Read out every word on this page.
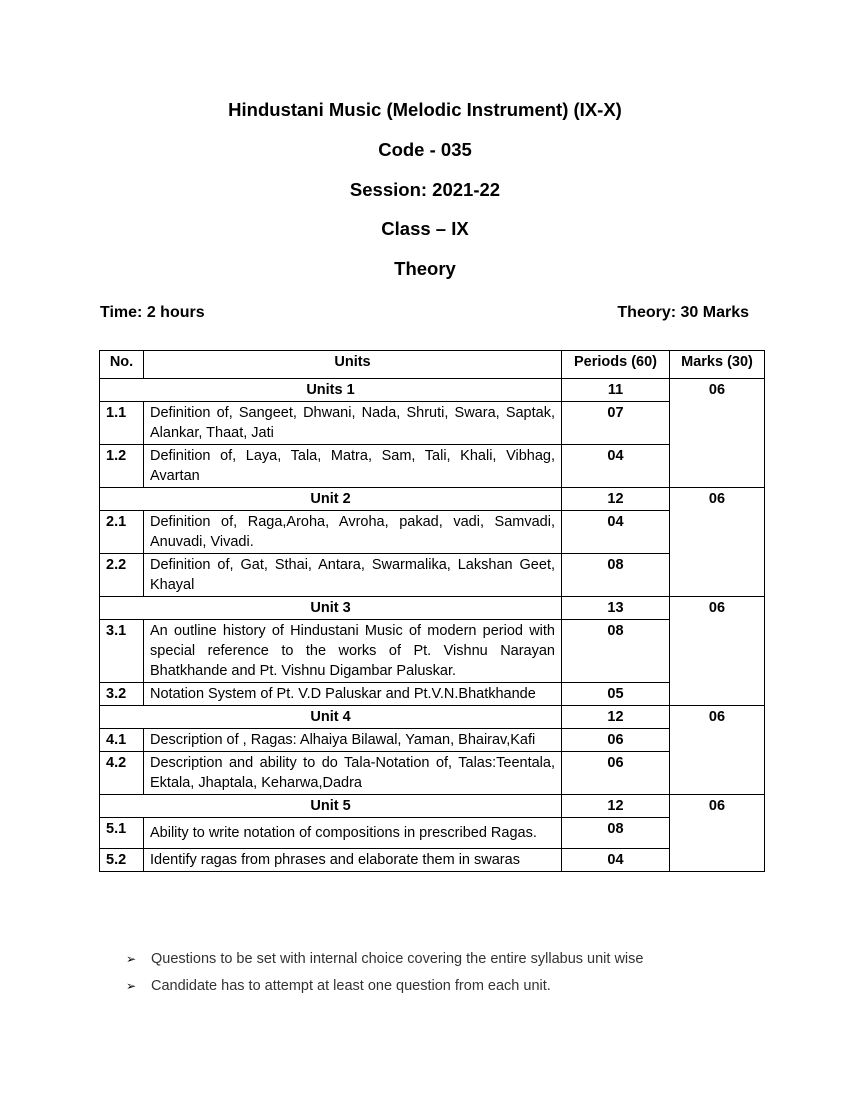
Hindustani Music (Melodic Instrument) (IX-X)
Code - 035
Session: 2021-22
Class – IX
Theory
Time: 2 hours	Theory: 30 Marks
No.	Units	Periods (60)	Marks (30)
Units 1		11	06
1.1	Definition of, Sangeet, Dhwani, Nada, Shruti, Swara, Saptak, Alankar, Thaat, Jati	07	
1.2	Definition of, Laya, Tala, Matra, Sam, Tali, Khali, Vibhag, Avartan	04	
Unit 2		12	06
2.1	Definition of, Raga,Aroha, Avroha, pakad, vadi, Samvadi, Anuvadi, Vivadi.	04	
2.2	Definition of, Gat, Sthai, Antara, Swarmalika, Lakshan Geet, Khayal	08	
Unit 3		13	06
3.1	An outline history of Hindustani Music of modern period with special reference to the works of Pt. Vishnu Narayan Bhatkhande and Pt. Vishnu Digambar Paluskar.	08	
3.2	Notation System of Pt. V.D Paluskar and Pt.V.N.Bhatkhande	05	
Unit 4		12	06
4.1	Description of , Ragas: Alhaiya Bilawal, Yaman, Bhairav,Kafi	06	
4.2	Description and ability to do Tala-Notation of, Talas:Teentala, Ektala, Jhaptala, Keharwa,Dadra	06	
Unit 5		12	06
5.1	Ability to write notation of compositions in prescribed Ragas.	08	
5.2	Identify ragas from phrases and elaborate them in swaras	04	
➢ Questions to be set with internal choice covering the entire syllabus unit wise
➢ Candidate has to attempt at least one question from each unit.
